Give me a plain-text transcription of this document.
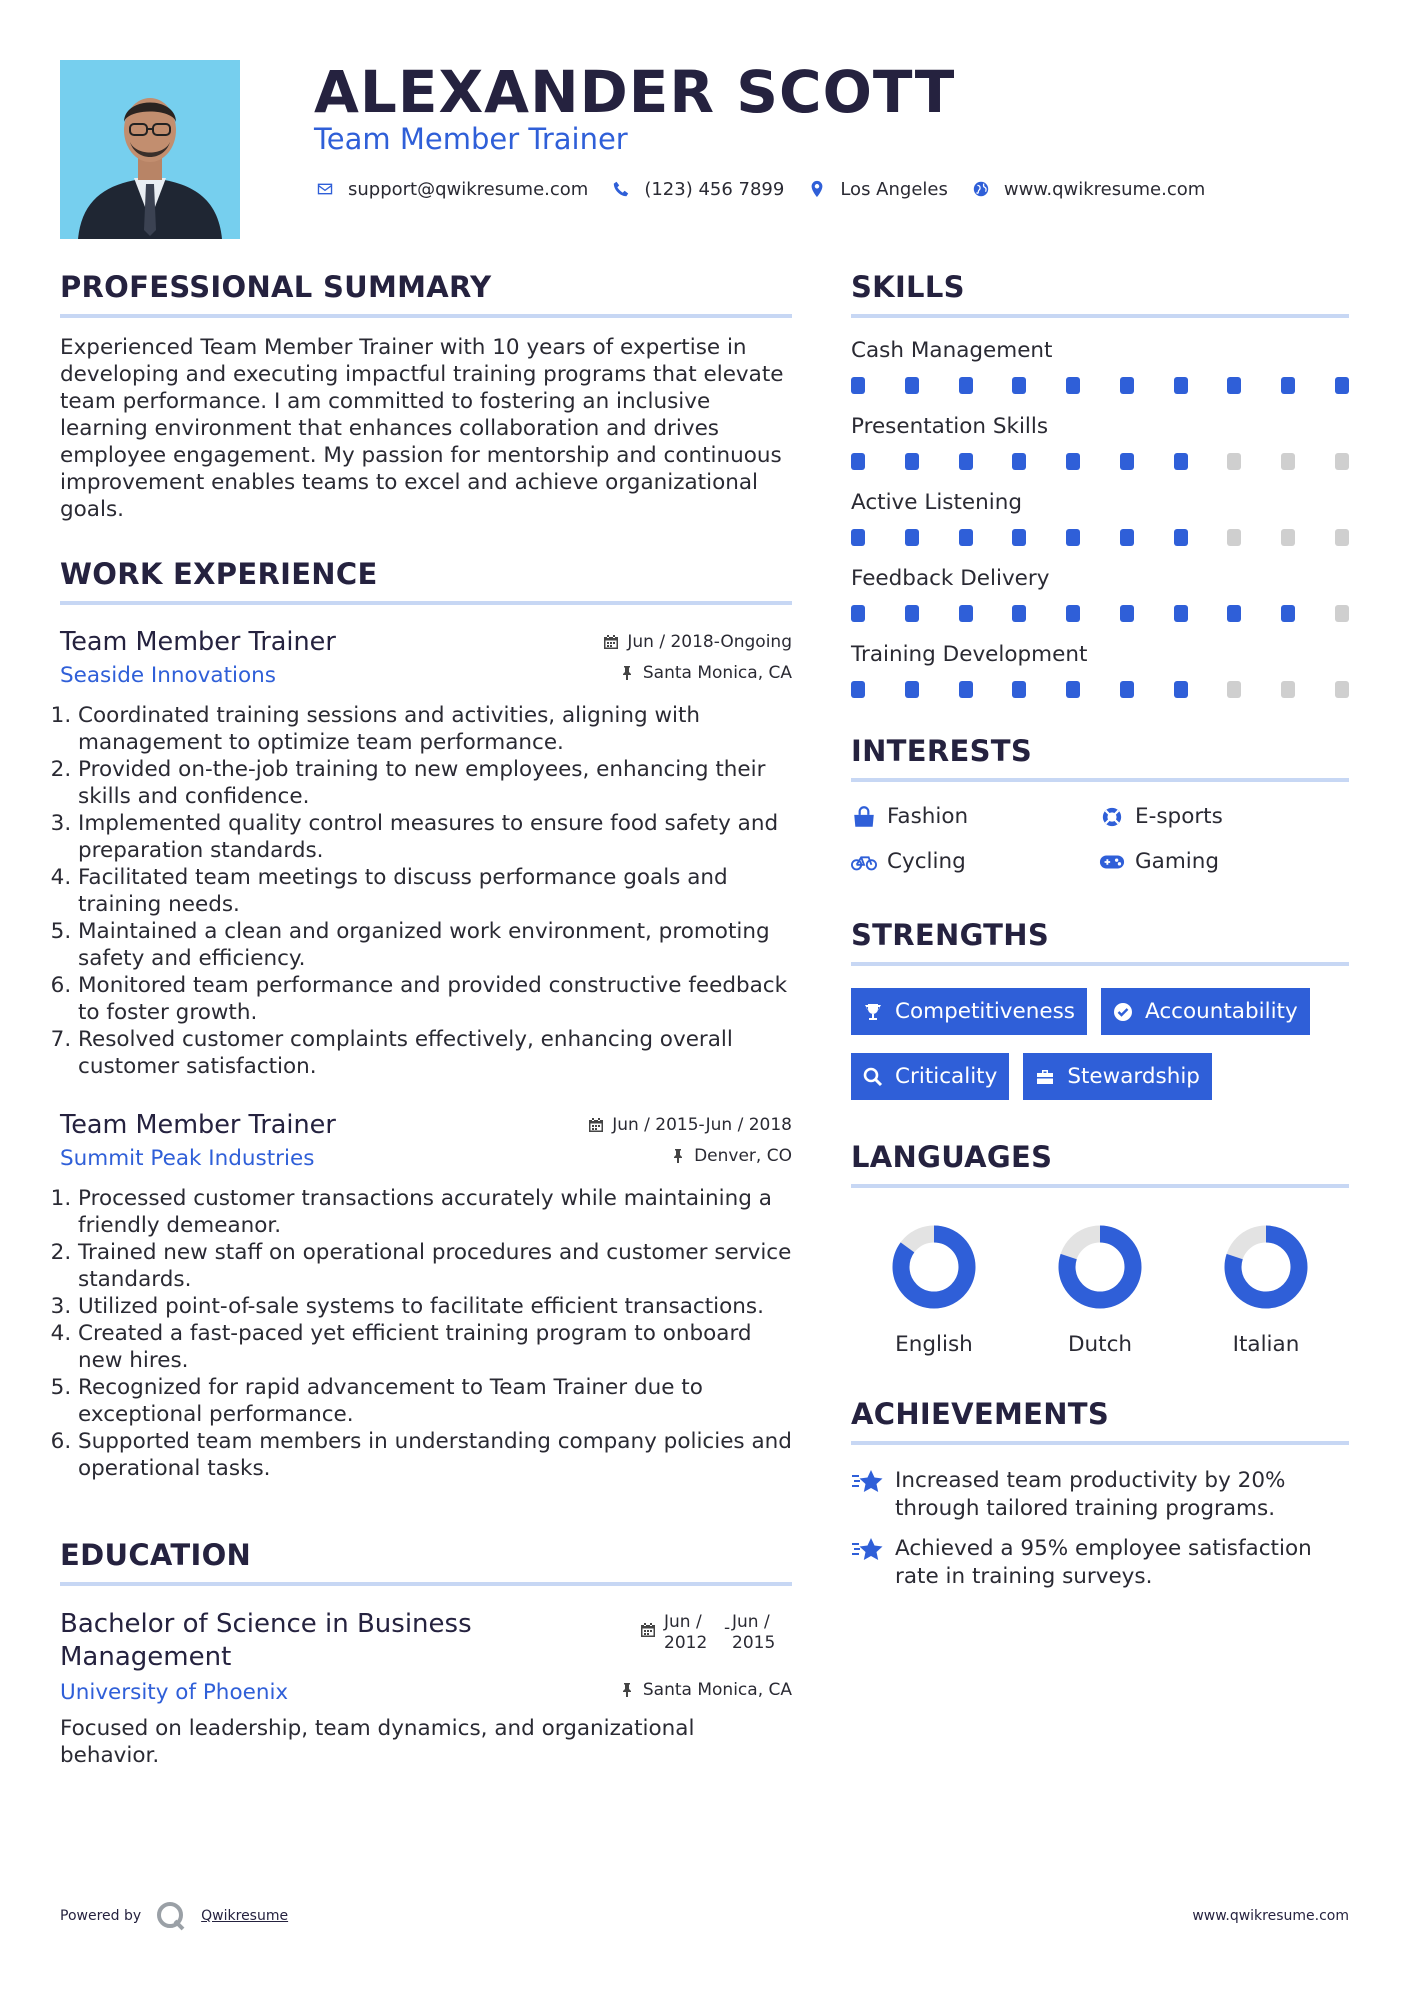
ALEXANDER SCOTT
Team Member Trainer
support@qwikresume.com	(123) 456 7899	Los Angeles	www.qwikresume.com
PROFESSIONAL SUMMARY

Experienced Team Member Trainer with 10 years of expertise in developing and executing impactful training programs that elevate team performance. I am committed to fostering an inclusive learning environment that enhances collaboration and drives employee engagement. My passion for mentorship and continuous improvement enables teams to excel and achieve organizational goals.

WORK EXPERIENCE
Team Member Trainer	Jun / 2018-Ongoing
Seaside Innovations	Santa Monica, CA
1. Coordinated training sessions and activities, aligning with management to optimize team performance.
2. Provided on-the-job training to new employees, enhancing their skills and confidence.
3. Implemented quality control measures to ensure food safety and preparation standards.
4. Facilitated team meetings to discuss performance goals and training needs.
5. Maintained a clean and organized work environment, promoting safety and efficiency.
6. Monitored team performance and provided constructive feedback to foster growth.
7. Resolved customer complaints effectively, enhancing overall customer satisfaction.
Team Member Trainer	Jun / 2015-Jun / 2018
Summit Peak Industries	Denver, CO
1. Processed customer transactions accurately while maintaining a friendly demeanor.
2. Trained new staff on operational procedures and customer service standards.
3. Utilized point-of-sale systems to facilitate efficient transactions.
4. Created a fast-paced yet efficient training program to onboard new hires.
5. Recognized for rapid advancement to Team Trainer due to exceptional performance.
6. Supported team members in understanding company policies and operational tasks.
EDUCATION
Bachelor of Science in Business Management
Jun /
2012
- Jun /
2015
University of Phoenix	Santa Monica, CA

Focused on leadership, team dynamics, and organizational behavior.

SKILLS
Cash Management
Presentation Skills
Active Listening
Feedback Delivery
Training Development
INTERESTS
Fashion	E-sports
Cycling	Gaming
STRENGTHS
Competitiveness	Accountability
Criticality	Stewardship
LANGUAGES
English	Dutch	Italian
ACHIEVEMENTS
Increased team productivity by 20% through tailored training programs.
Achieved a 95% employee satisfaction rate in training surveys.
Powered by	Qwikresume	www.qwikresume.com
